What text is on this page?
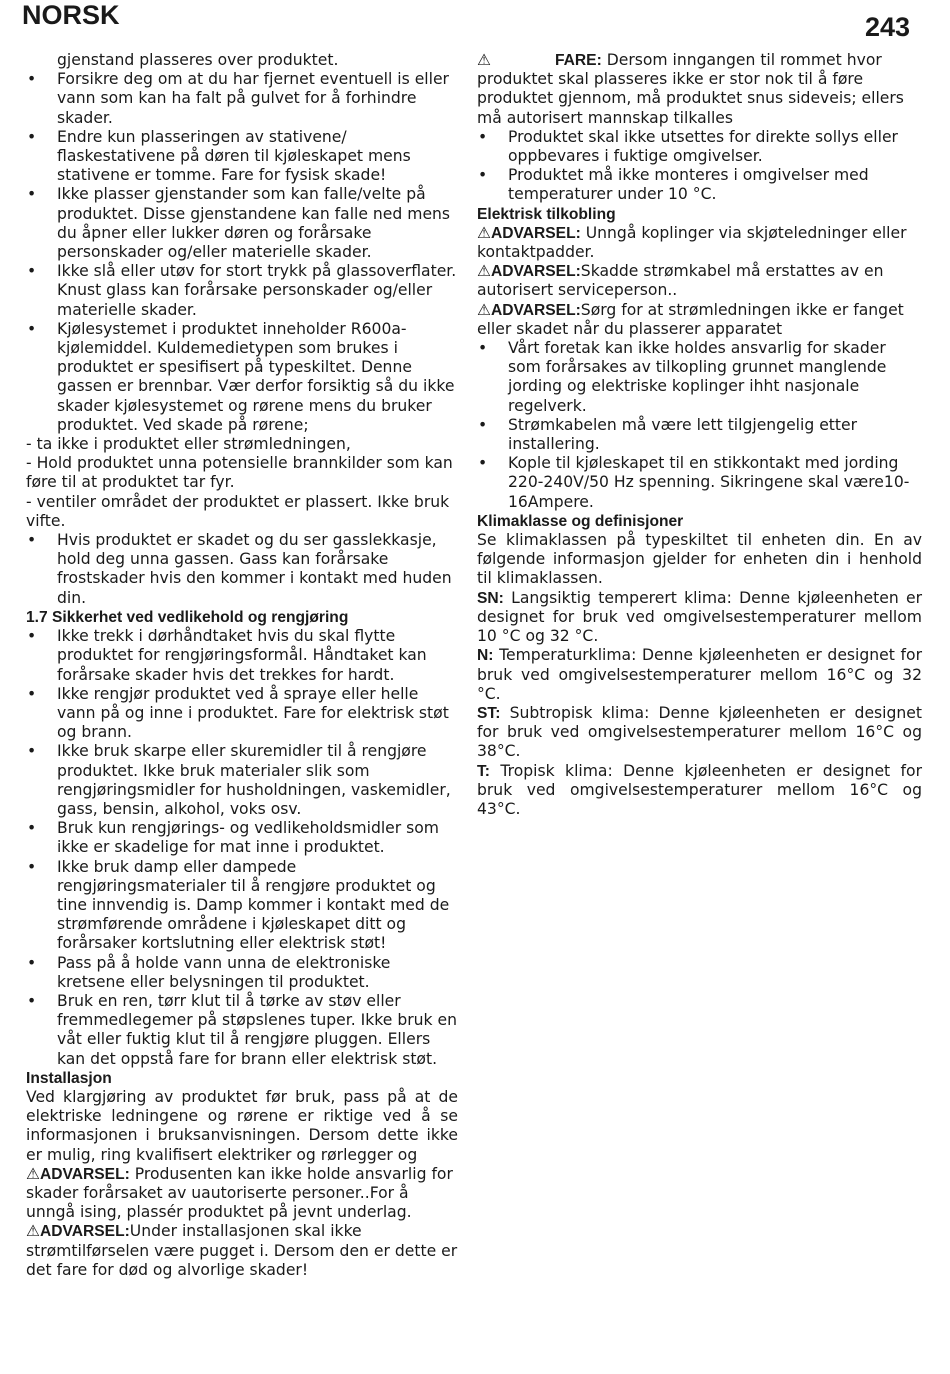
NORSK	243
gjenstand plasseres over produktet.
• Forsikre deg om at du har fjernet eventuell is eller vann som kan ha falt på gulvet for å forhindre skader.
• Endre kun plasseringen av stativene/ flaskestativene på døren til kjøleskapet mens stativene er tomme. Fare for fysisk skade!
• Ikke plasser gjenstander som kan falle/velte på produktet. Disse gjenstandene kan falle ned mens du åpner eller lukker døren og forårsake personskader og/eller materielle skader.
• Ikke slå eller utøv for stort trykk på glassoverflater. Knust glass kan forårsake personskader og/eller materielle skader.
• Kjølesystemet i produktet inneholder R600a-kjølemiddel. Kuldemedietypen som brukes i produktet er spesifisert på typeskiltet. Denne gassen er brennbar. Vær derfor forsiktig så du ikke skader kjølesystemet og rørene mens du bruker produktet. Ved skade på rørene;

- ta ikke i produktet eller strømledningen,

- Hold produktet unna potensielle brannkilder som kan føre til at produktet tar fyr.

- ventiler området der produktet er plassert. Ikke bruk vifte.

• Hvis produktet er skadet og du ser gasslekkasje, hold deg unna gassen. Gass kan forårsake frostskader hvis den kommer i kontakt med huden din.

1.7 Sikkerhet ved vedlikehold og rengjøring

• Ikke trekk i dørhåndtaket hvis du skal flytte produktet for rengjøringsformål. Håndtaket kan forårsake skader hvis det trekkes for hardt.
• Ikke rengjør produktet ved å spraye eller helle vann på og inne i produktet. Fare for elektrisk støt og brann.
• Ikke bruk skarpe eller skuremidler til å rengjøre produktet. Ikke bruk materialer slik som rengjøringsmidler for husholdningen, vaskemidler, gass, bensin, alkohol, voks osv.
• Bruk kun rengjørings- og vedlikeholdsmidler som ikke er skadelige for mat inne i produktet.
• Ikke bruk damp eller dampede rengjøringsmaterialer til å rengjøre produktet og tine innvendig is. Damp kommer i kontakt med de strømførende områdene i kjøleskapet ditt og forårsaker kortslutning eller elektrisk støt!
• Pass på å holde vann unna de elektroniske kretsene eller belysningen til produktet.
• Bruk en ren, tørr klut til å tørke av støv eller fremmedlegemer på støpslenes tuper. Ikke bruk en våt eller fuktig klut til å rengjøre pluggen. Ellers kan det oppstå fare for brann eller elektrisk støt.

Installasjon

Ved klargjøring av produktet før bruk, pass på at de elektriske ledningene og rørene er riktige ved å se informasjonen i bruksanvisningen. Dersom dette ikke er mulig, ring kvalifisert elektriker og rørlegger og

⚠ADVARSEL: Produsenten kan ikke holde ansvarlig for skader forårsaket av uautoriserte personer..For å unngå ising, plassér produktet på jevnt underlag.

⚠ADVARSEL:Under installasjonen skal ikke strømtilførselen være pugget i. Dersom den er dette er det fare for død og alvorlige skader!

⚠	FARE: Dersom inngangen til rommet hvor
produktet skal plasseres ikke er stor nok til å føre produktet gjennom, må produktet snus sideveis; ellers må autorisert mannskap tilkalles

• Produktet skal ikke utsettes for direkte sollys eller oppbevares i fuktige omgivelser.
• Produktet må ikke monteres i omgivelser med temperaturer under 10 °C.

Elektrisk tilkobling

⚠ADVARSEL: Unngå koplinger via skjøteledninger eller kontaktpadder.

⚠ADVARSEL:Skadde strømkabel må erstattes av en autorisert serviceperson..

⚠ADVARSEL:Sørg for at strømledningen ikke er fanget eller skadet når du plasserer apparatet

• Vårt foretak kan ikke holdes ansvarlig for skader som forårsakes av tilkopling grunnet manglende jording og elektriske koplinger ihht nasjonale regelverk.
• Strømkabelen må være lett tilgjengelig etter installering.
• Kople til kjøleskapet til en stikkontakt med jording 220-240V/50 Hz spenning. Sikringene skal være10-16Ampere.

Klimaklasse og definisjoner

Se klimaklassen på typeskiltet til enheten din. En av følgende informasjon gjelder for enheten din i henhold til klimaklassen.

SN: Langsiktig temperert klima: Denne kjøleenheten er designet for bruk ved omgivelsestemperaturer mellom 10 °C og 32 °C.

N: Temperaturklima: Denne kjøleenheten er designet for bruk ved omgivelsestemperaturer mellom 16°C og 32 °C.

ST: Subtropisk klima: Denne kjøleenheten er designet for bruk ved omgivelsestemperaturer mellom 16°C og 38°C.

T: Tropisk klima: Denne kjøleenheten er designet for bruk ved omgivelsestemperaturer mellom 16°C og 43°C.
